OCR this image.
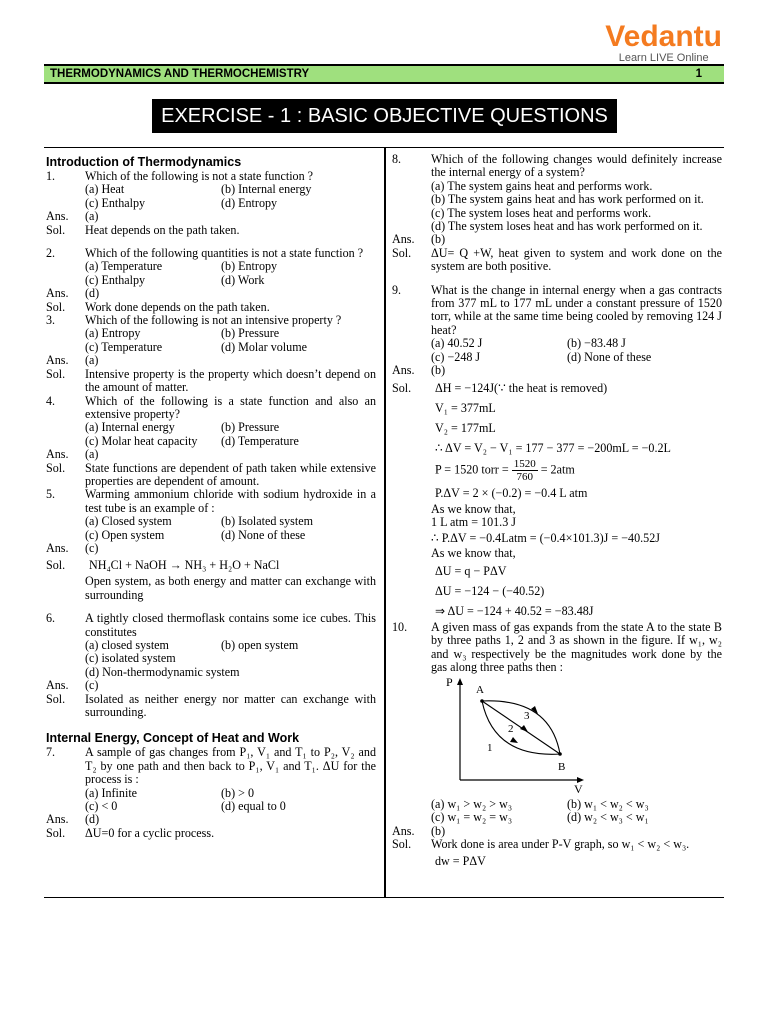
Vedantu
Learn LIVE Online
THERMODYNAMICS AND THERMOCHEMISTRY	1
EXERCISE - 1 : BASIC OBJECTIVE QUESTIONS
Introduction of Thermodynamics
1.	Which of the following is not a state function ?
(a) Heat	(b) Internal energy
(c) Enthalpy	(d) Entropy
Ans.	(a)
Sol.	Heat depends on the path taken.
2.	Which of the following quantities is not a state function ?
(a) Temperature	(b) Entropy
(c) Enthalpy	(d) Work
Ans.	(d)
Sol.	Work done depends on the path taken.
3.	Which of the following is not an intensive property ?
(a) Entropy	(b) Pressure
(c) Temperature	(d) Molar volume
Ans.	(a)
Sol.	Intensive property is the property which doesn’t depend on the amount of matter.
4.	Which of the following is a state function and also an extensive property?
(a) Internal energy	(b) Pressure
(c) Molar heat capacity	(d) Temperature
Ans.	(a)
Sol.	State functions are dependent of path taken while extensive properties are dependent of amount.
5.	Warming ammonium chloride with sodium hydroxide in a test tube is an example of :
(a) Closed system	(b) Isolated system
(c) Open system	(d) None of these
Ans.	(c)
Sol.	NH₄Cl + NaOH → NH₃ + H₂O + NaCl
Open system, as both energy and matter can exchange with surrounding
6.	A tightly closed thermoflask contains some ice cubes. This constitutes
(a) closed system	(b) open system
(c) isolated system
(d) Non-thermodynamic system
Ans.	(c)
Sol.	Isolated as neither energy nor matter can exchange with surrounding.
Internal Energy, Concept of Heat and Work
7.	A sample of gas changes from P₁, V₁ and T₁ to P₂, V₂ and T₂ by one path and then back to P₁, V₁ and T₁. ΔU for the process is :
(a) Infinite	(b) > 0
(c) < 0	(d) equal to 0
Ans.	(d)
Sol.	ΔU=0 for a cyclic process.
8.	Which of the following changes would definitely increase the internal energy of a system?
(a) The system gains heat and performs work.
(b) The system gains heat and has work performed on it.
(c) The system loses heat and performs work.
(d) The system loses heat and has work performed on it.
Ans.	(b)
Sol.	ΔU= Q +W, heat given to system and work done on the system are both positive.
9.	What is the change in internal energy when a gas contracts from 377 mL to 177 mL under a constant pressure of 1520 torr, while at the same time being cooled by removing 124 J heat?
(a) 40.52 J	(b) −83.48 J
(c) −248 J	(d) None of these
Ans.	(b)
Sol.	ΔH = −124J(∵ the heat is removed)
V₁ = 377mL
V₂ = 177mL
∴ ΔV = V₂ − V₁ = 177 − 377 = −200mL = −0.2L
P = 1520 torr = $\frac{1520}{760} = 2atm$
P.ΔV = 2 × (−0.2) = −0.4 L atm
As we know that,
1 L atm = 101.3 J
∴ P.ΔV = −0.4Latm = (−0.4×101.3)J = −40.52J
As we know that,
ΔU = q − PΔV
ΔU = −124 − (−40.52)
⇒ ΔU = −124 + 40.52 = −83.48J
10.	A given mass of gas expands from the state A to the state B by three paths 1, 2 and 3 as shown in the figure. If w₁, w₂ and w₃ respectively be the magnitudes work done by the gas along three paths then :
P
V
A
B
1
2
3
(a) w₁ > w₂ > w₃	(b) w₁ < w₂ < w₃
(c) w₁ = w₂ = w₃	(d) w₂ < w₃ < w₁
Ans.	(b)
Sol.	Work done is area under P-V graph, so w₁ < w₂ < w₃.
dw = PΔV
